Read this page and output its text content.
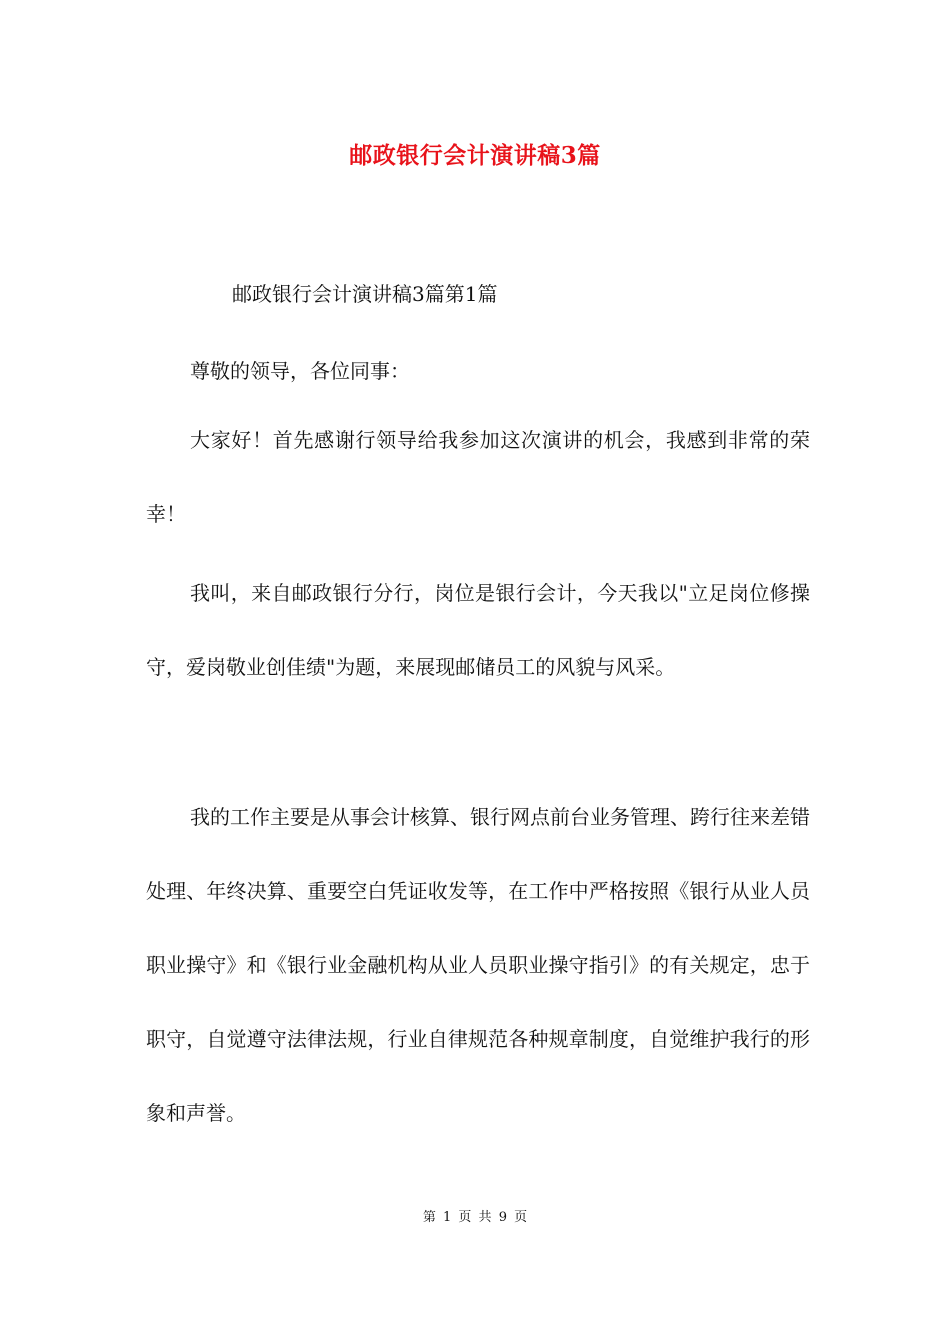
邮政银行会计演讲稿3篇
邮政银行会计演讲稿3篇第1篇

尊敬的领导，各位同事：

大家好！首先感谢行领导给我参加这次演讲的机会，我感到非常的荣幸！

我叫，来自邮政银行分行，岗位是银行会计，今天我以"立足岗位修操守，爱岗敬业创佳绩"为题，来展现邮储员工的风貌与风采。

我的工作主要是从事会计核算、银行网点前台业务管理、跨行往来差错处理、年终决算、重要空白凭证收发等，在工作中严格按照《银行从业人员职业操守》和《银行业金融机构从业人员职业操守指引》的有关规定，忠于职守，自觉遵守法律法规，行业自律规范各种规章制度，自觉维护我行的形象和声誉。

第 1 页 共 9 页
